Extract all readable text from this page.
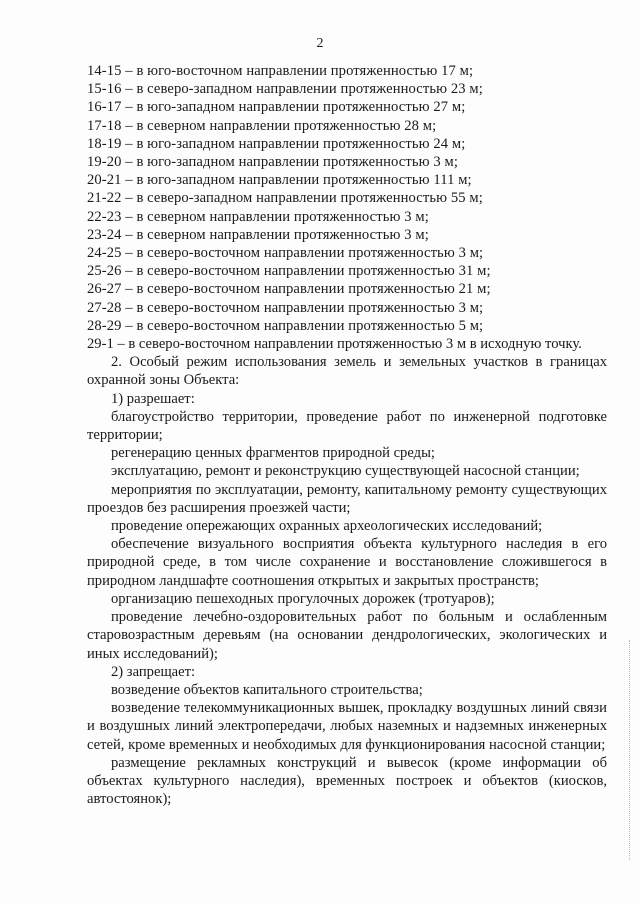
2

14-15 – в юго-восточном направлении протяженностью 17 м;

15-16 – в северо-западном направлении протяженностью 23 м;

16-17 – в юго-западном направлении протяженностью 27 м;

17-18 – в северном направлении протяженностью 28 м;

18-19 – в юго-западном направлении протяженностью 24 м;

19-20 – в юго-западном направлении протяженностью 3 м;

20-21 – в юго-западном направлении протяженностью 111 м;

21-22 – в северо-западном направлении протяженностью 55 м;

22-23 – в северном направлении протяженностью 3 м;

23-24 – в северном направлении протяженностью 3 м;

24-25 – в северо-восточном направлении протяженностью 3 м;

25-26 – в северо-восточном направлении протяженностью 31 м;

26-27 – в северо-восточном направлении протяженностью 21 м;

27-28 – в северо-восточном направлении протяженностью 3 м;

28-29 – в северо-восточном направлении протяженностью 5 м;

29-1 – в северо-восточном направлении протяженностью 3 м в исходную точку.

2. Особый режим использования земель и земельных участков в границах охранной зоны Объекта:

1) разрешает:

благоустройство территории, проведение работ по инженерной подготовке территории;

регенерацию ценных фрагментов природной среды;

эксплуатацию, ремонт и реконструкцию существующей насосной станции;

мероприятия по эксплуатации, ремонту, капитальному ремонту существующих проездов без расширения проезжей части;

проведение опережающих охранных археологических исследований;

обеспечение визуального восприятия объекта культурного наследия в его природной среде, в том числе сохранение и восстановление сложившегося в природном ландшафте соотношения открытых и закрытых пространств;

организацию пешеходных прогулочных дорожек (тротуаров);

проведение лечебно-оздоровительных работ по больным и ослабленным старовозрастным деревьям (на основании дендрологических, экологических и иных исследований);

2) запрещает:

возведение объектов капитального строительства;

возведение телекоммуникационных вышек, прокладку воздушных линий связи и воздушных линий электропередачи, любых наземных и надземных инженерных сетей, кроме временных и необходимых для функционирования насосной станции;

размещение рекламных конструкций и вывесок (кроме информации об объектах культурного наследия), временных построек и объектов (киосков, автостоянок);
